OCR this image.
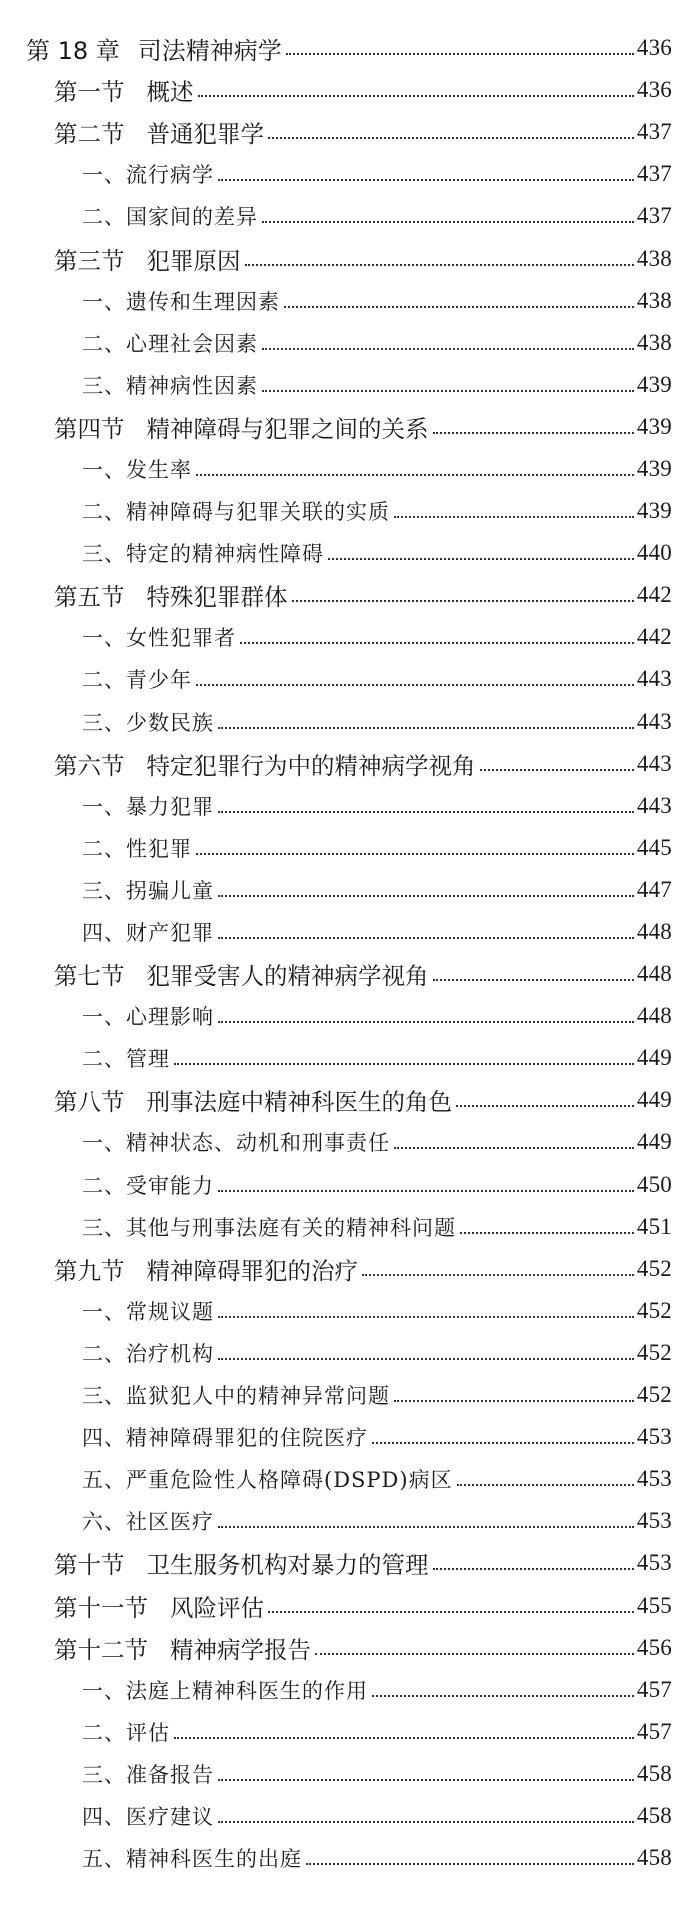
第 18 章 司法精神病学	436
第一节 概述	436
第二节 普通犯罪学	437
一、流行病学	437
二、国家间的差异	437
第三节 犯罪原因	438
一、遗传和生理因素	438
二、心理社会因素	438
三、精神病性因素	439
第四节 精神障碍与犯罪之间的关系	439
一、发生率	439
二、精神障碍与犯罪关联的实质	439
三、特定的精神病性障碍	440
第五节 特殊犯罪群体	442
一、女性犯罪者	442
二、青少年	443
三、少数民族	443
第六节 特定犯罪行为中的精神病学视角	443
一、暴力犯罪	443
二、性犯罪	445
三、拐骗儿童	447
四、财产犯罪	448
第七节 犯罪受害人的精神病学视角	448
一、心理影响	448
二、管理	449
第八节 刑事法庭中精神科医生的角色	449
一、精神状态、动机和刑事责任	449
二、受审能力	450
三、其他与刑事法庭有关的精神科问题	451
第九节 精神障碍罪犯的治疗	452
一、常规议题	452
二、治疗机构	452
三、监狱犯人中的精神异常问题	452
四、精神障碍罪犯的住院医疗	453
五、严重危险性人格障碍(DSPD)病区	453
六、社区医疗	453
第十节 卫生服务机构对暴力的管理	453
第十一节 风险评估	455
第十二节 精神病学报告	456
一、法庭上精神科医生的作用	457
二、评估	457
三、准备报告	458
四、医疗建议	458
五、精神科医生的出庭	458
